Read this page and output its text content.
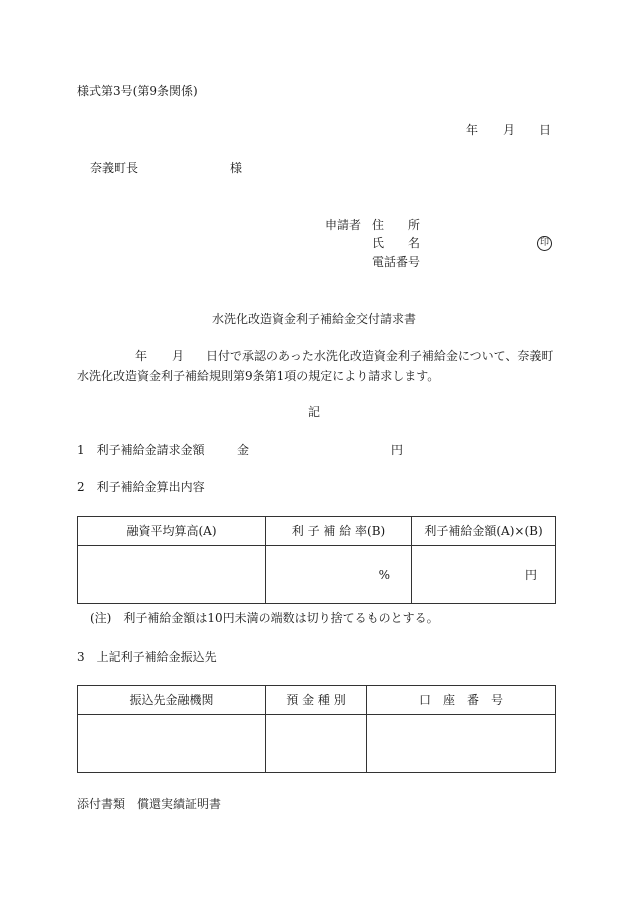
様式第3号(第9条関係)
年 月 日
奈義町長	様
申請者 住　　所
氏　　名	印
電話番号
水洗化改造資金利子補給金交付請求書
年 月 日付で承認のあった水洗化改造資金利子補給金について、奈義町
水洗化改造資金利子補給規則第9条第1項の規定により請求します。
記
1　利子補給金請求金額	金	円
2　利子補給金算出内容
融資平均算高(A)	利 子 補 給 率(B)	利子補給金額(A)×(B)
	%	円
(注)　利子補給金額は10円未満の端数は切り捨てるものとする。
3　上記利子補給金振込先
振込先金融機関	預 金 種 別	口　座　番　号

添付書類　償還実績証明書
